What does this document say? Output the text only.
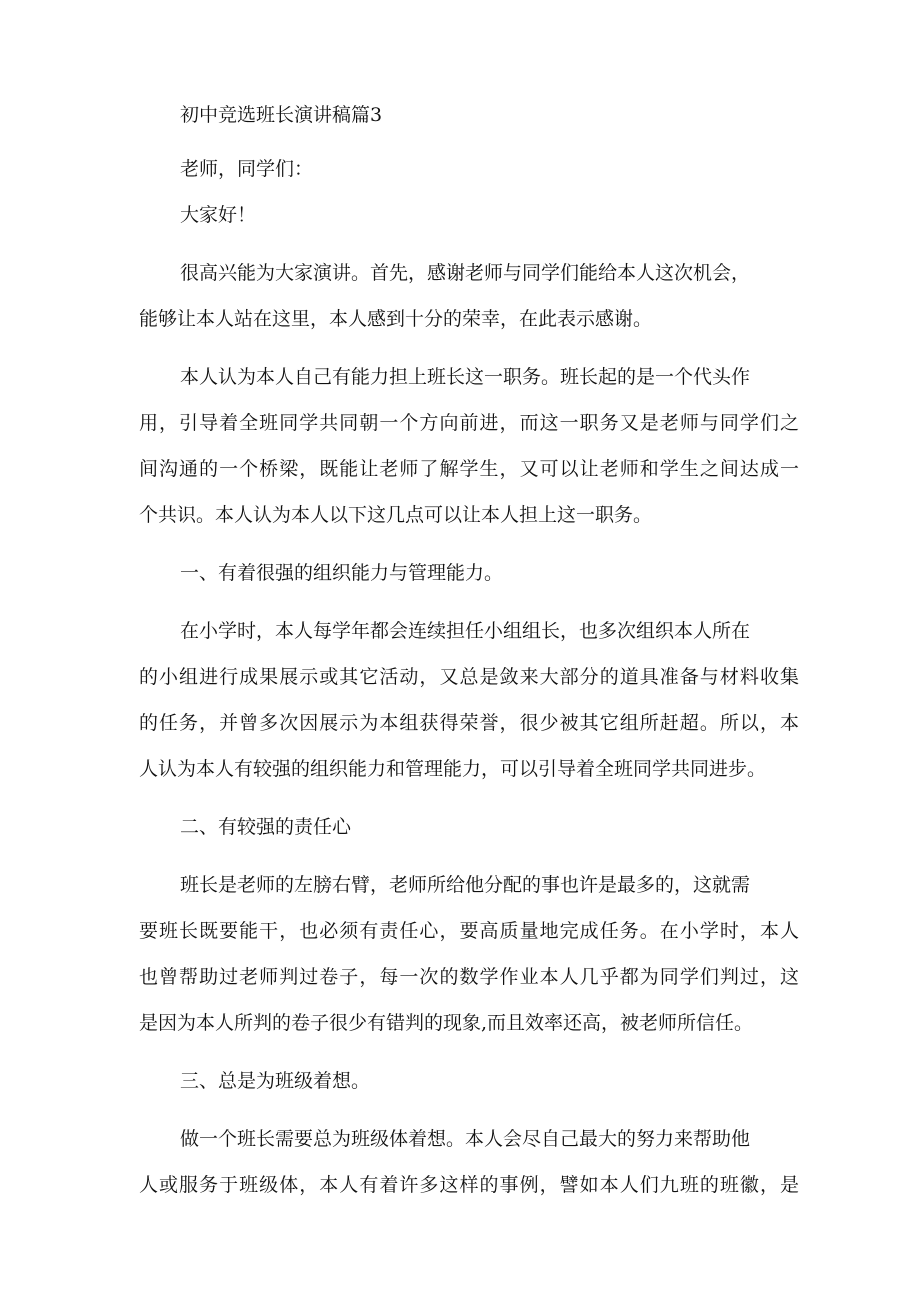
初中竞选班长演讲稿篇3
老师，同学们：
大家好！
很高兴能为大家演讲。首先，感谢老师与同学们能给本人这次机会，
能够让本人站在这里，本人感到十分的荣幸，在此表示感谢。
本人认为本人自己有能力担上班长这一职务。班长起的是一个代头作
用，引导着全班同学共同朝一个方向前进，而这一职务又是老师与同学们之
间沟通的一个桥梁，既能让老师了解学生，又可以让老师和学生之间达成一
个共识。本人认为本人以下这几点可以让本人担上这一职务。
一、有着很强的组织能力与管理能力。
在小学时，本人每学年都会连续担任小组组长，也多次组织本人所在
的小组进行成果展示或其它活动，又总是敛来大部分的道具准备与材料收集
的任务，并曾多次因展示为本组获得荣誉，很少被其它组所赶超。所以，本
人认为本人有较强的组织能力和管理能力，可以引导着全班同学共同进步。
二、有较强的责任心
班长是老师的左膀右臂，老师所给他分配的事也许是最多的，这就需
要班长既要能干，也必须有责任心，要高质量地完成任务。在小学时，本人
也曾帮助过老师判过卷子，每一次的数学作业本人几乎都为同学们判过，这
是因为本人所判的卷子很少有错判的现象,而且效率还高，被老师所信任。
三、总是为班级着想。
做一个班长需要总为班级体着想。本人会尽自己最大的努力来帮助他
人或服务于班级体，本人有着许多这样的事例，譬如本人们九班的班徽，是
